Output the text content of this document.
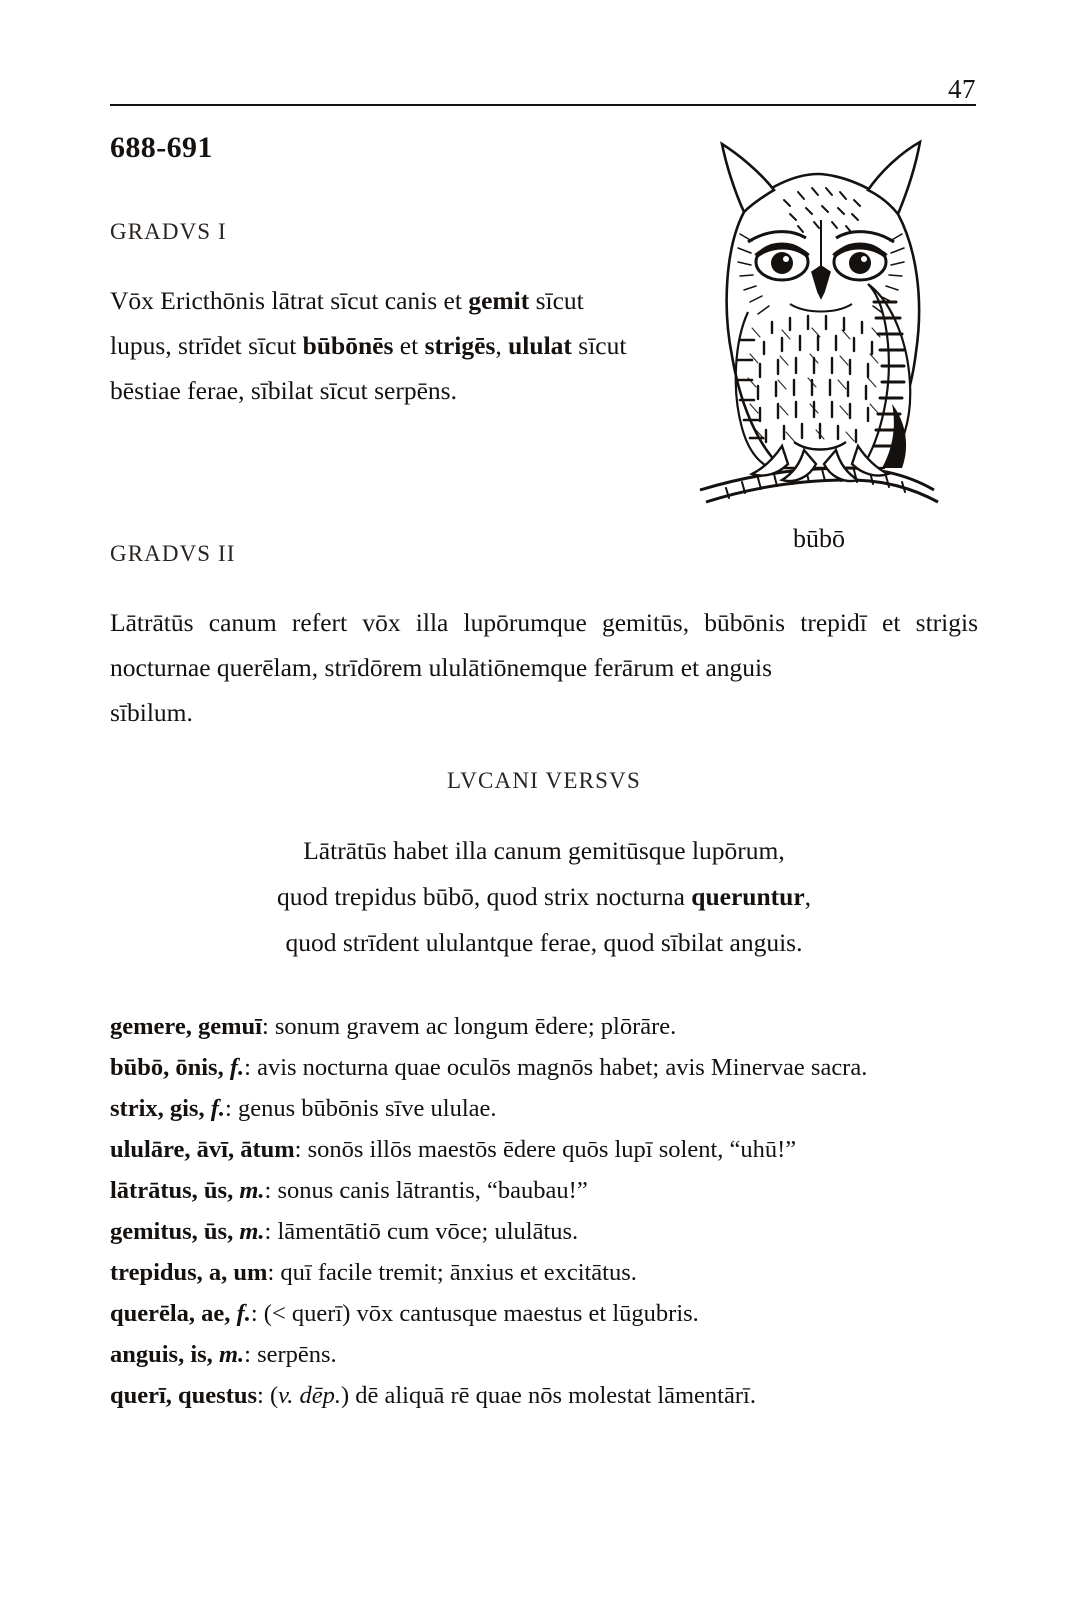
47
688-691
GRADVS I

Vōx Ericthōnis lātrat sīcut canis et gemit sīcut lupus, strīdet sīcut būbōnēs et strigēs, ululat sīcut bēstiae ferae, sībilat sīcut serpēns.

būbō
GRADVS II

Lātrātūs canum refert vōx illa lupōrumque gemitūs, būbōnis trepidī et strigis nocturnae querēlam, strīdōrem ululātiōnemque ferārum et anguis

sībilum.

LVCANI VERSVS
Lātrātūs habet illa canum gemitūsque lupōrum,
quod trepidus būbō, quod strix nocturna queruntur,
quod strīdent ululantque ferae, quod sībilat anguis.

gemere, gemuī: sonum gravem ac longum ēdere; plōrāre.

būbō, ōnis, f.: avis nocturna quae oculōs magnōs habet; avis Minervae sacra.

strix, gis, f.: genus būbōnis sīve ululae.

ululāre, āvī, ātum: sonōs illōs maestōs ēdere quōs lupī solent, “uhū!”

lātrātus, ūs, m.: sonus canis lātrantis, “baubau!”

gemitus, ūs, m.: lāmentātiō cum vōce; ululātus.

trepidus, a, um: quī facile tremit; ānxius et excitātus.

querēla, ae, f.: (< querī) vōx cantusque maestus et lūgubris.

anguis, is, m.: serpēns.

querī, questus: (v. dēp.) dē aliquā rē quae nōs molestat lāmentārī.
